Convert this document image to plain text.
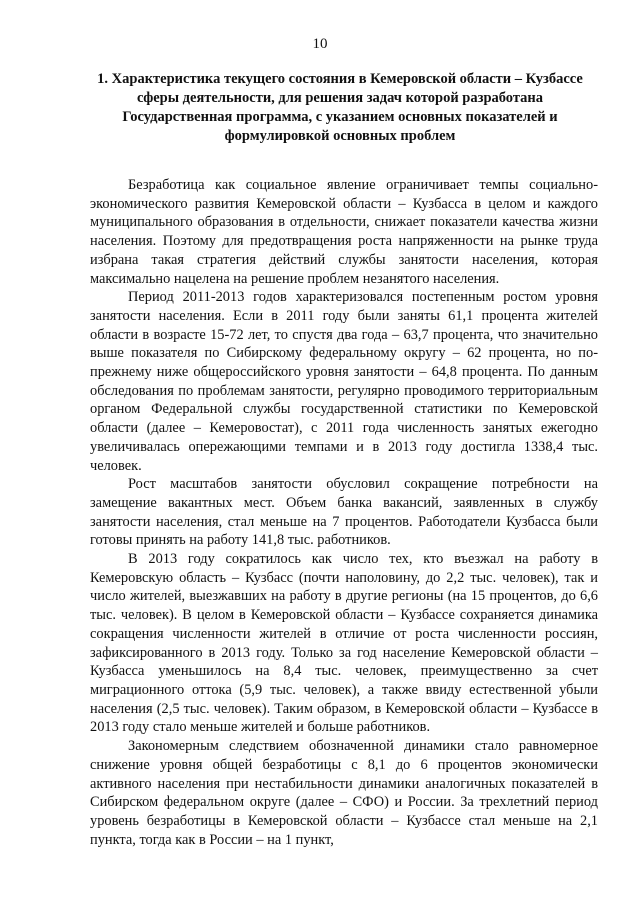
10
1. Характеристика текущего состояния в Кемеровской области – Кузбассе сферы деятельности, для решения задач которой разработана Государственная программа, с указанием основных показателей и формулировкой основных проблем

Безработица как социальное явление ограничивает темпы социально-экономического развития Кемеровской области – Кузбасса в целом и каждого муниципального образования в отдельности, снижает показатели качества жизни населения. Поэтому для предотвращения роста напряженности на рынке труда избрана такая стратегия действий службы занятости населения, которая максимально нацелена на решение проблем незанятого населения.

Период 2011-2013 годов характеризовался постепенным ростом уровня занятости населения. Если в 2011 году были заняты 61,1 процента жителей области в возрасте 15-72 лет, то спустя два года – 63,7 процента, что значительно выше показателя по Сибирскому федеральному округу – 62 процента, но по-прежнему ниже общероссийского уровня занятости – 64,8 процента. По данным обследования по проблемам занятости, регулярно проводимого территориальным органом Федеральной службы государственной статистики по Кемеровской области (далее – Кемеровостат), с 2011 года численность занятых ежегодно увеличивалась опережающими темпами и в 2013 году достигла 1338,4 тыс. человек.

Рост масштабов занятости обусловил сокращение потребности на замещение вакантных мест. Объем банка вакансий, заявленных в службу занятости населения, стал меньше на 7 процентов. Работодатели Кузбасса были готовы принять на работу 141,8 тыс. работников.

В 2013 году сократилось как число тех, кто въезжал на работу в Кемеровскую область – Кузбасс (почти наполовину, до 2,2 тыс. человек), так и число жителей, выезжавших на работу в другие регионы (на 15 процентов, до 6,6 тыс. человек). В целом в Кемеровской области – Кузбассе сохраняется динамика сокращения численности жителей в отличие от роста численности россиян, зафиксированного в 2013 году. Только за год население Кемеровской области – Кузбасса уменьшилось на 8,4 тыс. человек, преимущественно за счет миграционного оттока (5,9 тыс. человек), а также ввиду естественной убыли населения (2,5 тыс. человек). Таким образом, в Кемеровской области – Кузбассе в 2013 году стало меньше жителей и больше работников.

Закономерным следствием обозначенной динамики стало равномерное снижение уровня общей безработицы с 8,1 до 6 процентов экономически активного населения при нестабильности динамики аналогичных показателей в Сибирском федеральном округе (далее – СФО) и России. За трехлетний период уровень безработицы в Кемеровской области – Кузбассе стал меньше на 2,1 пункта, тогда как в России – на 1 пункт,
